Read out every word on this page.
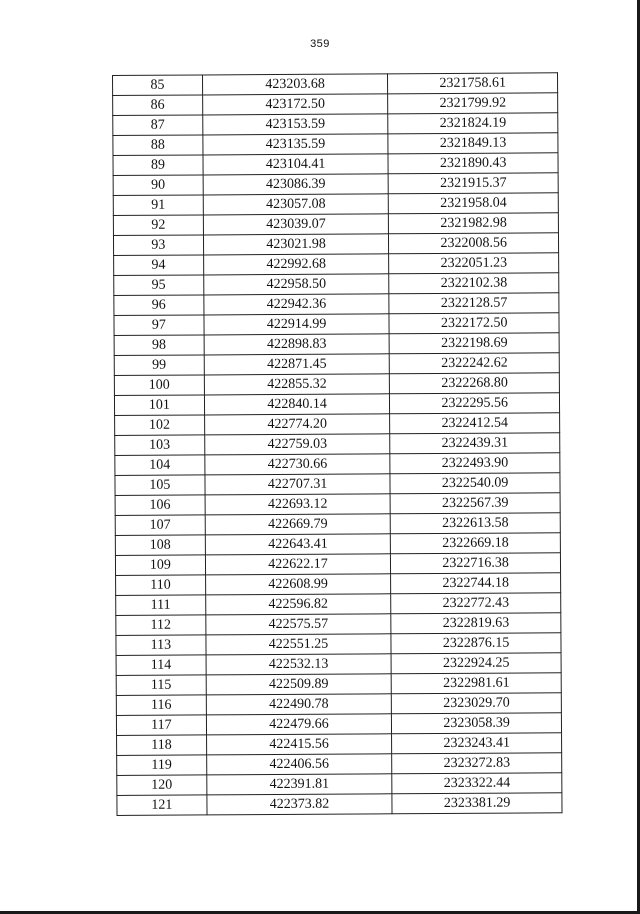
359
85	423203.68	2321758.61
86	423172.50	2321799.92
87	423153.59	2321824.19
88	423135.59	2321849.13
89	423104.41	2321890.43
90	423086.39	2321915.37
91	423057.08	2321958.04
92	423039.07	2321982.98
93	423021.98	2322008.56
94	422992.68	2322051.23
95	422958.50	2322102.38
96	422942.36	2322128.57
97	422914.99	2322172.50
98	422898.83	2322198.69
99	422871.45	2322242.62
100	422855.32	2322268.80
101	422840.14	2322295.56
102	422774.20	2322412.54
103	422759.03	2322439.31
104	422730.66	2322493.90
105	422707.31	2322540.09
106	422693.12	2322567.39
107	422669.79	2322613.58
108	422643.41	2322669.18
109	422622.17	2322716.38
110	422608.99	2322744.18
111	422596.82	2322772.43
112	422575.57	2322819.63
113	422551.25	2322876.15
114	422532.13	2322924.25
115	422509.89	2322981.61
116	422490.78	2323029.70
117	422479.66	2323058.39
118	422415.56	2323243.41
119	422406.56	2323272.83
120	422391.81	2323322.44
121	422373.82	2323381.29
